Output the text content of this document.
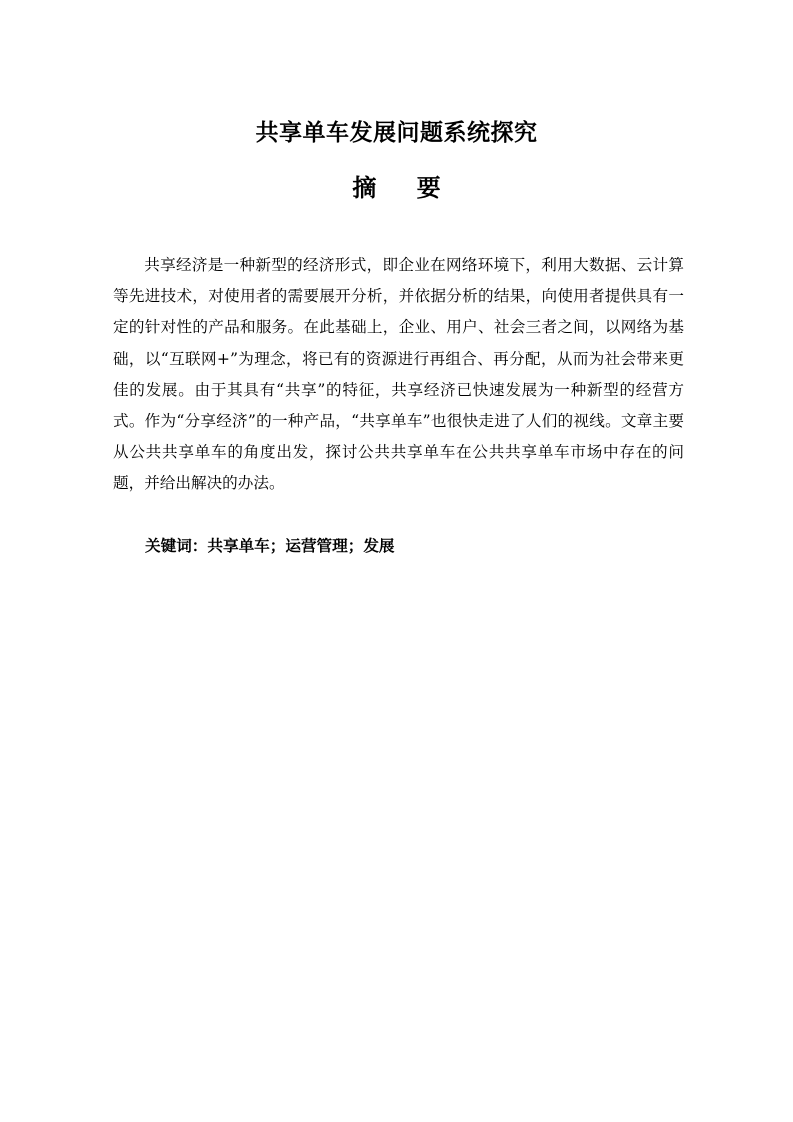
共享单车发展问题系统探究
摘 要

共享经济是一种新型的经济形式，即企业在网络环境下，利用大数据、云计算等先进技术，对使用者的需要展开分析，并依据分析的结果，向使用者提供具有一定的针对性的产品和服务。在此基础上，企业、用户、社会三者之间，以网络为基础，以“互联网+”为理念，将已有的资源进行再组合、再分配，从而为社会带来更佳的发展。由于其具有“共享”的特征，共享经济已快速发展为一种新型的经营方式。作为“分享经济”的一种产品，“共享单车”也很快走进了人们的视线。文章主要从公共共享单车的角度出发，探讨公共共享单车在公共共享单车市场中存在的问题，并给出解决的办法。

关键词：共享单车；运营管理；发展
